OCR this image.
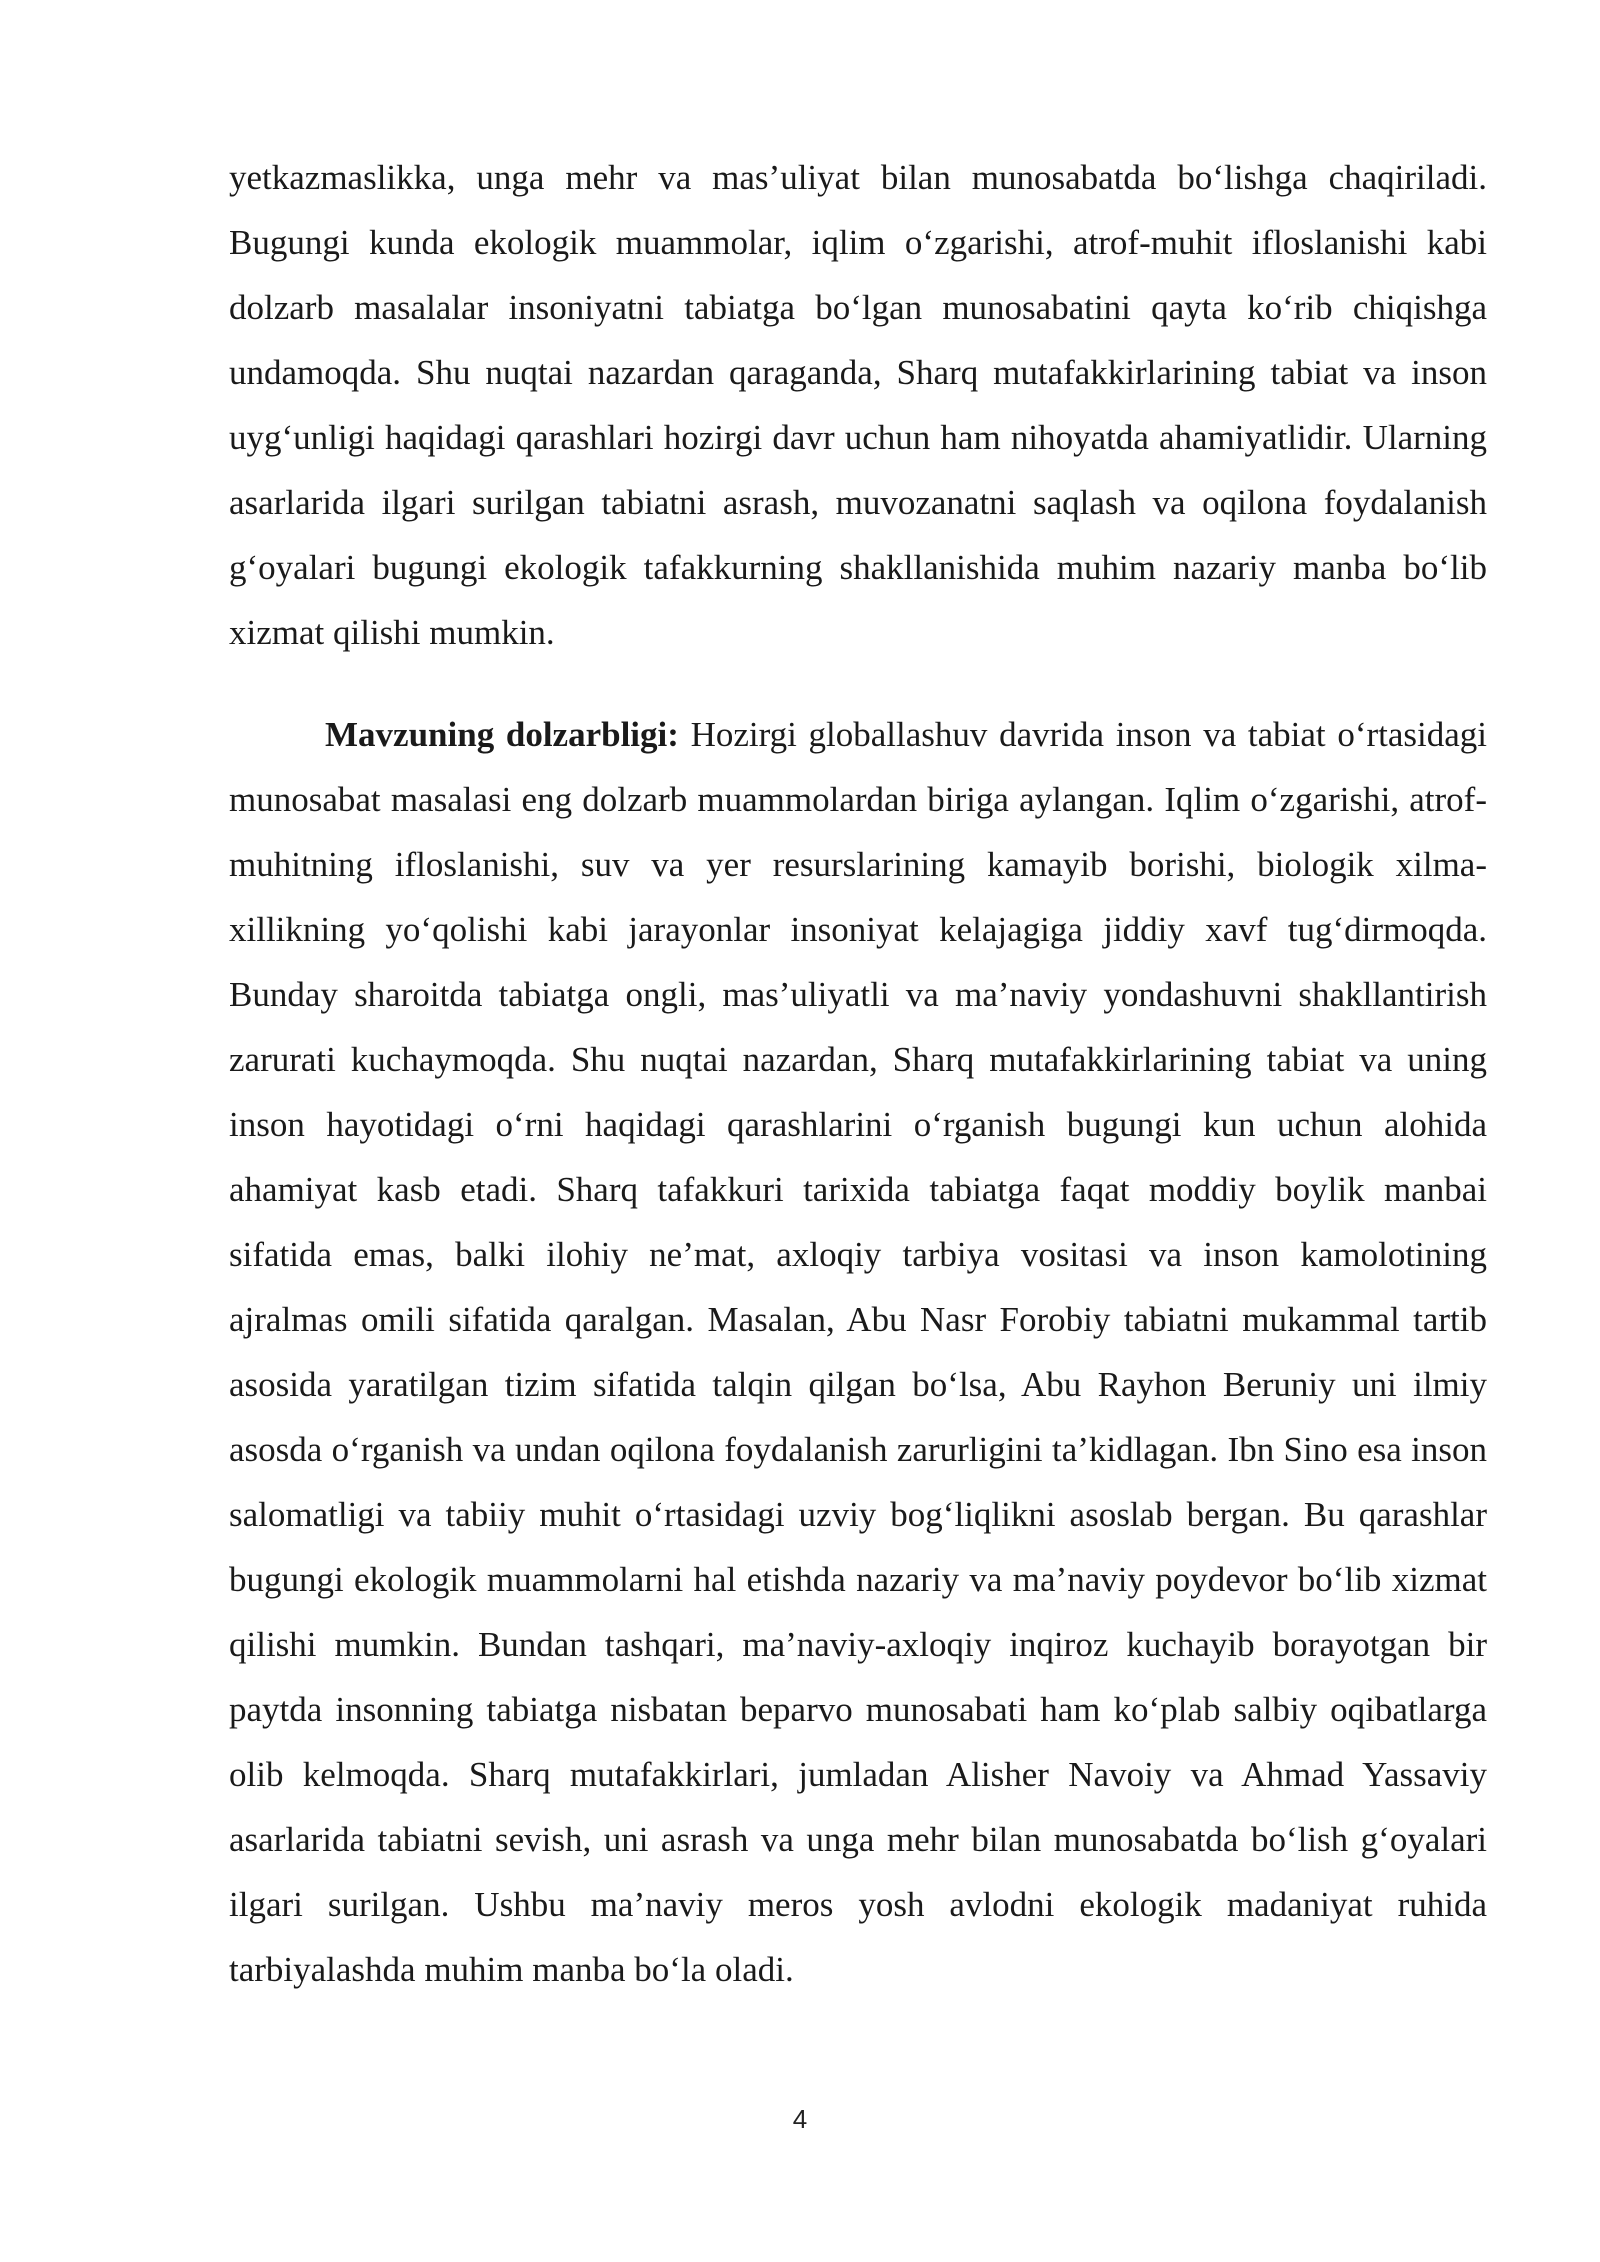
yetkazmaslikka, unga mehr va mas’uliyat bilan munosabatda bo‘lishga chaqiriladi. Bugungi kunda ekologik muammolar, iqlim o‘zgarishi, atrof-muhit ifloslanishi kabi dolzarb masalalar insoniyatni tabiatga bo‘lgan munosabatini qayta ko‘rib chiqishga undamoqda. Shu nuqtai nazardan qaraganda, Sharq mutafakkirlarining tabiat va inson uyg‘unligi haqidagi qarashlari hozirgi davr uchun ham nihoyatda ahamiyatlidir. Ularning asarlarida ilgari surilgan tabiatni asrash, muvozanatni saqlash va oqilona foydalanish g‘oyalari bugungi ekologik tafakkurning shakllanishida muhim nazariy manba bo‘lib xizmat qilishi mumkin.

Mavzuning dolzarbligi: Hozirgi globallashuv davrida inson va tabiat o‘rtasidagi munosabat masalasi eng dolzarb muammolardan biriga aylangan. Iqlim o‘zgarishi, atrof-muhitning ifloslanishi, suv va yer resurslarining kamayib borishi, biologik xilma-xillikning yo‘qolishi kabi jarayonlar insoniyat kelajagiga jiddiy xavf tug‘dirmoqda. Bunday sharoitda tabiatga ongli, mas’uliyatli va ma’naviy yondashuvni shakllantirish zarurati kuchaymoqda. Shu nuqtai nazardan, Sharq mutafakkirlarining tabiat va uning inson hayotidagi o‘rni haqidagi qarashlarini o‘rganish bugungi kun uchun alohida ahamiyat kasb etadi. Sharq tafakkuri tarixida tabiatga faqat moddiy boylik manbai sifatida emas, balki ilohiy ne’mat, axloqiy tarbiya vositasi va inson kamolotining ajralmas omili sifatida qaralgan. Masalan, Abu Nasr Forobiy tabiatni mukammal tartib asosida yaratilgan tizim sifatida talqin qilgan bo‘lsa, Abu Rayhon Beruniy uni ilmiy asosda o‘rganish va undan oqilona foydalanish zarurligini ta’kidlagan. Ibn Sino esa inson salomatligi va tabiiy muhit o‘rtasidagi uzviy bog‘liqlikni asoslab bergan. Bu qarashlar bugungi ekologik muammolarni hal etishda nazariy va ma’naviy poydevor bo‘lib xizmat qilishi mumkin. Bundan tashqari, ma’naviy-axloqiy inqiroz kuchayib borayotgan bir paytda insonning tabiatga nisbatan beparvo munosabati ham ko‘plab salbiy oqibatlarga olib kelmoqda. Sharq mutafakkirlari, jumladan Alisher Navoiy va Ahmad Yassaviy asarlarida tabiatni sevish, uni asrash va unga mehr bilan munosabatda bo‘lish g‘oyalari ilgari surilgan. Ushbu ma’naviy meros yosh avlodni ekologik madaniyat ruhida tarbiyalashda muhim manba bo‘la oladi.

4
